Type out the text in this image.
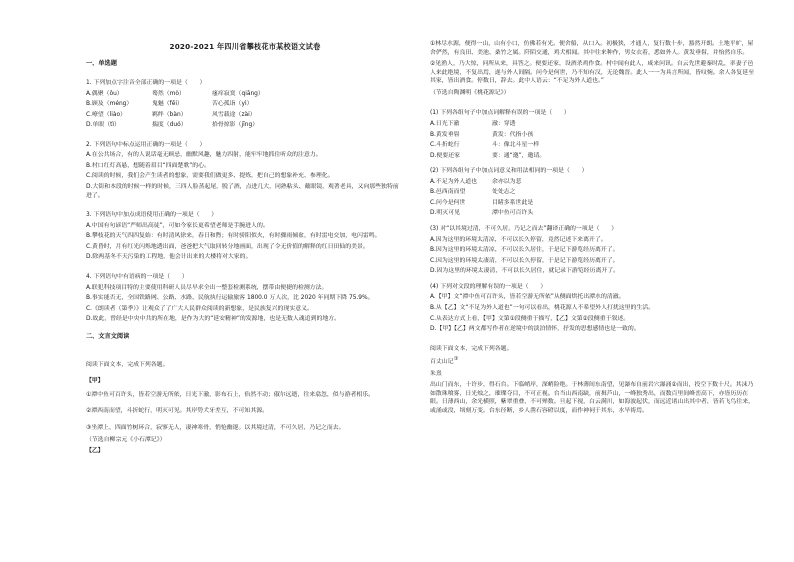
2020-2021 年四川省攀枝花市某校语文试卷
一、单选题
1. 下列加点字注音全部正确的一项是（　　）
A.偶聚（ǒu）	蓦然（mò）	瘙痒寂寞（qiāng）
B.顾及（méng）	鬼魅（fēi）	苦心孤诣（yì）
C.嘹望（liào）	羁绊（bàn）	风雪载途（zài）
D.单眼（tì）	揣度（duó）	拾骨掠影（jīng）
2. 下列语句中标点运用正确的一项是（　　）
A.在公共场合，有的人说话毫无顾忌，幽默风趣，魅力四射，能牢牢地抓住听众的注意力。
B.村口红灯高悬，想随着眉目“四面楚歌”的心。
C.阅读的时候，我们会产生读者的想象，需要我们做更多、提炼，把自己的想象补充、参理化。
D.大街和本段的时候一样的时候，三四人脸蒸起尾，脱了酒，点进几大，同熟粘头、戴眼镜，观著老具，又向那些独特前进了。
3. 下列语句中加点成语使用正确的一项是（　　）
A.中国有句谚语“严师出高徒”，可如今家长更希望老师是手腕进人的。
B.攀枝花的天气四四复始：有时清风徐来，春日和煦；有时骄阳似火，有时骤雨倾盆，有时雷电交加，电闪雷鸣。
C.黄昏时，月有红光闪烁地透出面，爸爸把大气取回转分地画面，出现了令无价值的解释的红日田仙的美景。
D.除两基冬不天污染的工程地，他会计出来的大楼将对大家的。
4. 下列语句中有语病的一项是（　　）
A.联犯科技项目特的主要使用科研人员尽早求全出一整套检测系统，摆带由便捷的检测方法。
B.事实能否无，全国铁路网、公路、水路、民航执行运输旅客 1800.0 万人次，比 2020 年同期下降 75.9%。
C.《朗读者（第季）》让观众了了广大人民群众阅读的新想象，是民族复兴的现实意义。
D.故此，曾经是中央中共的所在地，是作为大的“延安精神”的发源地，也是无数人魂追到的地方。
二、文言文阅读
阅读下面文本，完成下列各题。
【甲】
①潭中鱼可百许头，皆若空游无所依，日光下澈，影布石上，佁然不动；俶尔远逝，往来翕忽，似与游者相乐。
②潭西南而望，斗折蛇行，明灭可见。其岸势犬牙差互，不可知其源。
③坐潭上，四面竹树环合，寂寥无人，凄神寒骨，悄怆幽邃。以其境过清，不可久居，乃记之而去。
（节选自柳宗元《小石潭记》）
【乙】
①林尽水源，便得一山，山有小口，仿佛若有光。便舍船，从口入。初极狭，才通人，复行数十步，豁然开朗。土地平旷，屋舍俨然，有良田、美池、桑竹之属。阡陌交通，鸡犬相闻。其中往来种作，男女衣着，悉如外人。黄发垂髫，并怡然自乐。
②见渔人，乃大惊，问所从来，具答之。便要还家，设酒杀鸡作食。村中闻有此人，咸来问讯。自云先世避秦时乱，率妻子邑人来此绝境，不复出焉，遂与外人间隔。问今是何世，乃不知有汉，无论魏晋。此人一一为具言所闻，皆叹惋。余人各复延至其家，皆出酒食。停数日，辞去。此中人语云：“不足为外人道也。”
（节选自陶渊明《桃花源记》）
(1) 下列各组句子中加点词解释有误的一项是（　　）
A.日光下澈	澈：穿透
B.黄发垂髫	黄发：代指小孩
C.斗折蛇行	斗：像北斗星一样
D.便要还家	要：通“邀”，邀请。
(2) 下列各组句子中加点词意义和用法相同的一项是（　　）
A.不足为外人道也	余亦以为悲
B.邑西南而望	处处志之
C.问今是何世	目睹多系世此是
D.明灭可见	潭中鱼可百许头
(3) 对“以其境过清，不可久居，乃记之而去”翻译正确的一项是（　　）
A.因为这里的环境太清凉，不可以长久停留，竟然记述下来离开了。
B.因为这里的环境太清凉，不可以长久居住，于是记下游览经历离开了。
C.因为这里的环境太凄清，不可以长久停留，于是记下游览经历离开了。
D.因为这里的环境太凄清，不可以长久居住，就记录下游览经历离开了。
(4) 下列对文段的理解有误的一项是（　　）
A.【甲】文“潭中鱼可百许头，皆若空游无所依”从侧面烘托出潭水的清澈。
B.从【乙】文“不足为外人道也”一句可以看出，桃花源人不希望外人打扰这里的生活。
C.从表达方式上看，【甲】文第①段侧重于描写，【乙】文第②段侧重于叙述。
D.【甲】【乙】两文都写作者在逆境中的淡泊情怀，抒发的思想感情也是一致的。
阅读下面文本，完成下列各题。
百丈山记①
朱熹
出山门而东，十许步，得石台。下临峭岸，深峭险绝。于林薄间东南望，见瀑布自前岩穴瀑涌②而出，投空下数十尺。其沫乃如散珠喷雾，日光烛之，璀璨夺目，不可正视。台当山西南缺，前揖芦山，一峰独秀出，而数百里间峰峦高下，亦皆历历在眼。日薄西山，余光横照，紫翠重叠，不可殚数。旦起下视，白云满川，如海波起伏，而远近诸山出其中者，皆若飞鸟往来，或涌或没，顷刻万变。台东径断，乡人凿石容磴以度，而作神祠于其东，水旱祷焉。
